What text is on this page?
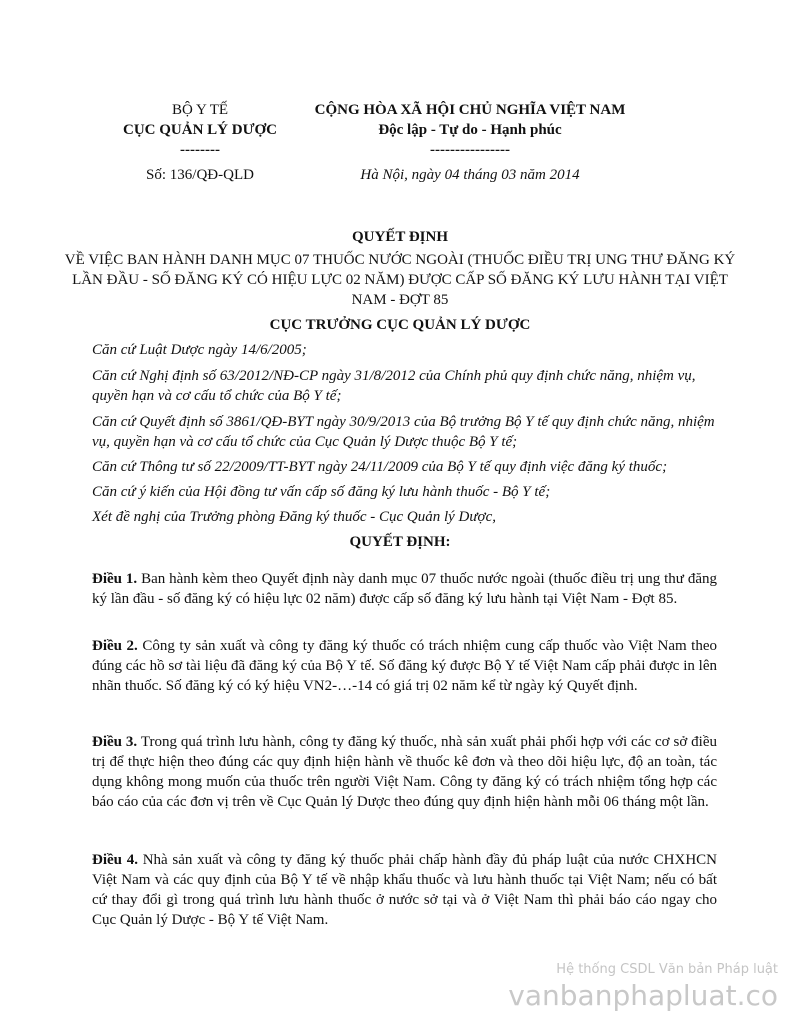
BỘ Y TẾ
CỤC QUẢN LÝ DƯỢC
--------
Số: 136/QĐ-QLD
CỘNG HÒA XÃ HỘI CHỦ NGHĨA VIỆT NAM
Độc lập - Tự do - Hạnh phúc
----------------
Hà Nội, ngày 04 tháng 03 năm 2014
QUYẾT ĐỊNH
VỀ VIỆC BAN HÀNH DANH MỤC 07 THUỐC NƯỚC NGOÀI (THUỐC ĐIỀU TRỊ UNG THƯ ĐĂNG KÝ LẦN ĐẦU - SỐ ĐĂNG KÝ CÓ HIỆU LỰC 02 NĂM) ĐƯỢC CẤP SỐ ĐĂNG KÝ LƯU HÀNH TẠI VIỆT NAM - ĐỢT 85
CỤC TRƯỞNG CỤC QUẢN LÝ DƯỢC
Căn cứ Luật Dược ngày 14/6/2005;
Căn cứ Nghị định số 63/2012/NĐ-CP ngày 31/8/2012 của Chính phủ quy định chức năng, nhiệm vụ, quyền hạn và cơ cấu tổ chức của Bộ Y tế;
Căn cứ Quyết định số 3861/QĐ-BYT ngày 30/9/2013 của Bộ trưởng Bộ Y tế quy định chức năng, nhiệm vụ, quyền hạn và cơ cấu tổ chức của Cục Quản lý Dược thuộc Bộ Y tế;
Căn cứ Thông tư số 22/2009/TT-BYT ngày 24/11/2009 của Bộ Y tế quy định việc đăng ký thuốc;
Căn cứ ý kiến của Hội đồng tư vấn cấp số đăng ký lưu hành thuốc - Bộ Y tế;
Xét đề nghị của Trưởng phòng Đăng ký thuốc - Cục Quản lý Dược,
QUYẾT ĐỊNH:
Điều 1. Ban hành kèm theo Quyết định này danh mục 07 thuốc nước ngoài (thuốc điều trị ung thư đăng ký lần đầu - số đăng ký có hiệu lực 02 năm) được cấp số đăng ký lưu hành tại Việt Nam - Đợt 85.
Điều 2. Công ty sản xuất và công ty đăng ký thuốc có trách nhiệm cung cấp thuốc vào Việt Nam theo đúng các hồ sơ tài liệu đã đăng ký của Bộ Y tế. Số đăng ký được Bộ Y tế Việt Nam cấp phải được in lên nhãn thuốc. Số đăng ký có ký hiệu VN2-…-14 có giá trị 02 năm kể từ ngày ký Quyết định.
Điều 3. Trong quá trình lưu hành, công ty đăng ký thuốc, nhà sản xuất phải phối hợp với các cơ sở điều trị để thực hiện theo đúng các quy định hiện hành về thuốc kê đơn và theo dõi hiệu lực, độ an toàn, tác dụng không mong muốn của thuốc trên người Việt Nam. Công ty đăng ký có trách nhiệm tổng hợp các báo cáo của các đơn vị trên về Cục Quản lý Dược theo đúng quy định hiện hành mỗi 06 tháng một lần.
Điều 4. Nhà sản xuất và công ty đăng ký thuốc phải chấp hành đầy đủ pháp luật của nước CHXHCN Việt Nam và các quy định của Bộ Y tế về nhập khẩu thuốc và lưu hành thuốc tại Việt Nam; nếu có bất cứ thay đổi gì trong quá trình lưu hành thuốc ở nước sở tại và ở Việt Nam thì phải báo cáo ngay cho Cục Quản lý Dược - Bộ Y tế Việt Nam.
Hệ thống CSDL Văn bản Pháp luật
vanbanphapluat.co
